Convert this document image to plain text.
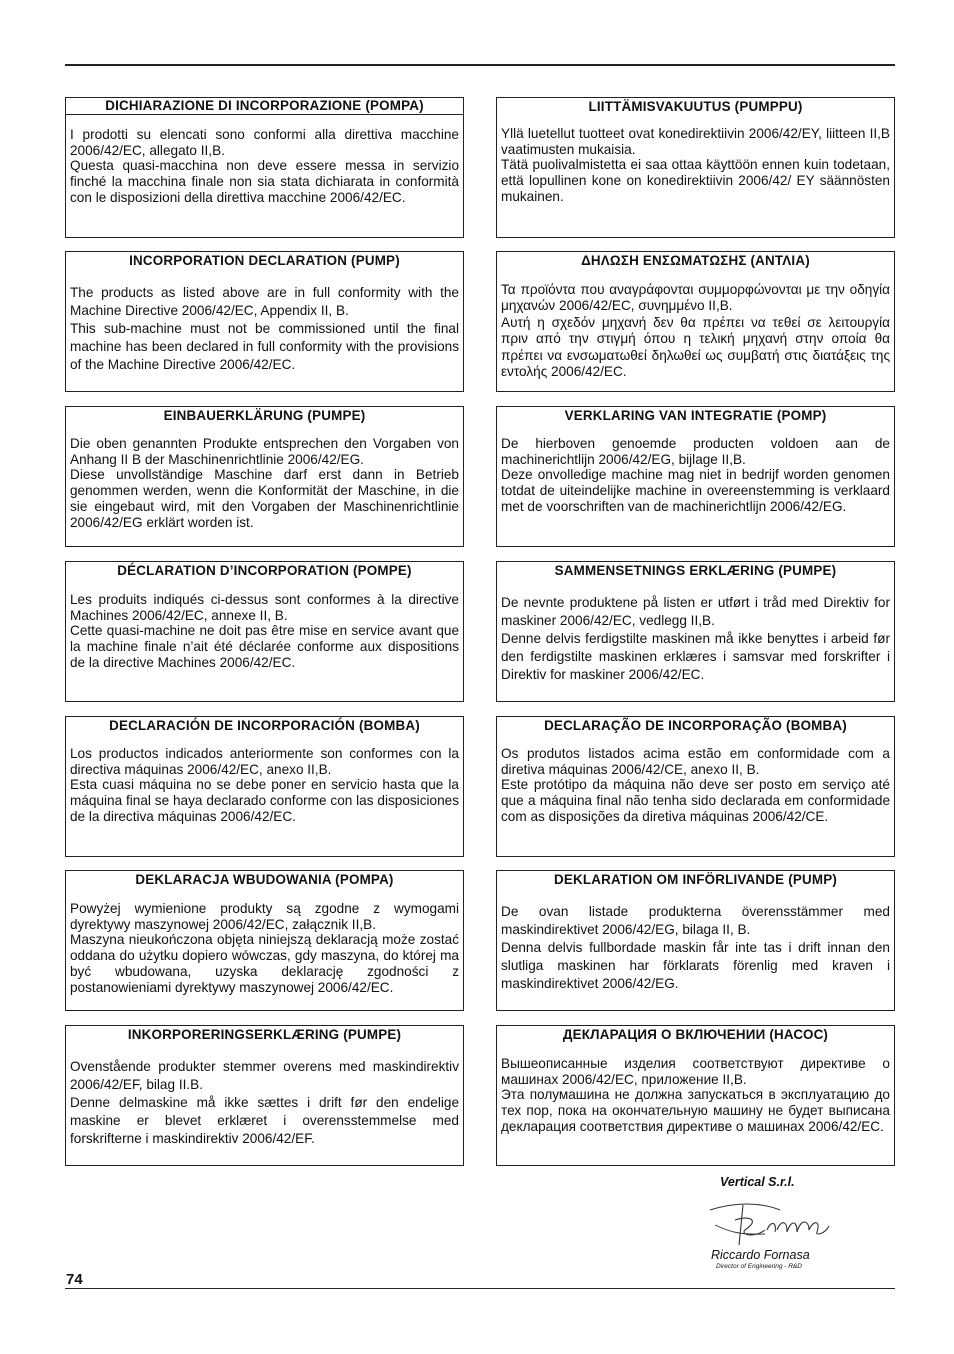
DICHIARAZIONE DI INCORPORAZIONE (POMPA)

I prodotti su elencati sono conformi alla direttiva macchine 2006/42/EC, allegato II,B.

Questa quasi-macchina non deve essere messa in servizio finché la macchina finale non sia stata dichiarata in conformità con le disposizioni della direttiva macchine 2006/42/EC.

LIITTÄMISVAKUUTUS (PUMPPU)

Yllä luetellut tuotteet ovat konedirektiivin 2006/42/EY, liitteen II,B vaatimusten mukaisia.

Tätä puolivalmistetta ei saa ottaa käyttöön ennen kuin todetaan, että lopullinen kone on konedirektiivin 2006/42/ EY säännösten mukainen.

INCORPORATION DECLARATION (PUMP)

The products as listed above are in full conformity with the Machine Directive 2006/42/EC, Appendix II, B.

This sub-machine must not be commissioned until the final machine has been declared in full conformity with the provisions of the Machine Directive 2006/42/EC.

ΔΗΛΩΣΗ ΕΝΣΩΜΑΤΩΣΗΣ (ΑΝΤΛΙΑ)

Τα προϊόντα που αναγράφονται συμμορφώνονται με την οδηγία μηχανών 2006/42/EC, συνημμένο II,B.

Αυτή η σχεδόν μηχανή δεν θα πρέπει να τεθεί σε λειτουργία πριν από την στιγμή όπου η τελική μηχανή στην οποία θα πρέπει να ενσωματωθεί δηλωθεί ως συμβατή στις διατάξεις της εντολής 2006/42/EC.

EINBAUERKLÄRUNG (PUMPE)

Die oben genannten Produkte entsprechen den Vorgaben von Anhang II B der Maschinenrichtlinie 2006/42/EG.

Diese unvollständige Maschine darf erst dann in Betrieb genommen werden, wenn die Konformität der Maschine, in die sie eingebaut wird, mit den Vorgaben der Maschinenrichtlinie 2006/42/EG erklärt worden ist.

VERKLARING VAN INTEGRATIE (POMP)

De hierboven genoemde producten voldoen aan de machinerichtlijn 2006/42/EG, bijlage II,B.

Deze onvolledige machine mag niet in bedrijf worden genomen totdat de uiteindelijke machine in overeenstemming is verklaard met de voorschriften van de machinerichtlijn 2006/42/EG.

DÉCLARATION D’INCORPORATION (POMPE)

Les produits indiqués ci-dessus sont conformes à la directive Machines 2006/42/EC, annexe II, B.

Cette quasi-machine ne doit pas être mise en service avant que la machine finale n’ait été déclarée conforme aux dispositions de la directive Machines 2006/42/EC.

SAMMENSETNINGS ERKLÆRING (PUMPE)

De nevnte produktene på listen er utført i tråd med Direktiv for maskiner 2006/42/EC, vedlegg II,B.

Denne delvis ferdigstilte maskinen må ikke benyttes i arbeid før den ferdigstilte maskinen erklæres i samsvar med forskrifter i Direktiv for maskiner 2006/42/EC.

DECLARACIÓN DE INCORPORACIÓN (BOMBA)

Los productos indicados anteriormente son conformes con la directiva máquinas 2006/42/EC, anexo II,B.

Esta cuasi máquina no se debe poner en servicio hasta que la máquina final se haya declarado conforme con las disposiciones de la directiva máquinas 2006/42/EC.

DECLARAÇÃO DE INCORPORAÇÃO (BOMBA)

Os produtos listados acima estão em conformidade com a diretiva máquinas 2006/42/CE, anexo II, B.

Este protótipo da máquina não deve ser posto em serviço até que a máquina final não tenha sido declarada em conformidade com as disposições da diretiva máquinas 2006/42/CE.

DEKLARACJA WBUDOWANIA (POMPA)

Powyżej wymienione produkty są zgodne z wymogami dyrektywy maszynowej 2006/42/EC, załącznik II,B.

Maszyna nieukończona objęta niniejszą deklaracją może zostać oddana do użytku dopiero wówczas, gdy maszyna, do której ma być wbudowana, uzyska deklarację zgodności z postanowieniami dyrektywy maszynowej 2006/42/EC.

DEKLARATION OM INFÖRLIVANDE (PUMP)

De ovan listade produkterna överensstämmer med maskindirektivet 2006/42/EG, bilaga II, B.

Denna delvis fullbordade maskin får inte tas i drift innan den slutliga maskinen har förklarats förenlig med kraven i maskindirektivet 2006/42/EG.

INKORPORERINGSERKLÆRING (PUMPE)

Ovenstående produkter stemmer overens med maskindirektiv 2006/42/EF, bilag II.B.

Denne delmaskine må ikke sættes i drift før den endelige maskine er blevet erklæret i overensstemmelse med forskrifterne i maskindirektiv 2006/42/EF.

ДЕКЛАРАЦИЯ О ВКЛЮЧЕНИИ (НАСОС)

Вышеописанные изделия соответствуют директиве о машинах 2006/42/EC, приложение II,B.

Эта полумашина не должна запускаться в эксплуатацию до тех пор, пока на окончательную машину не будет выписана декларация соответствия директиве о машинах 2006/42/EC.

Vertical S.r.l.
Riccardo Fornasa
Director of Engineering - R&D
74
